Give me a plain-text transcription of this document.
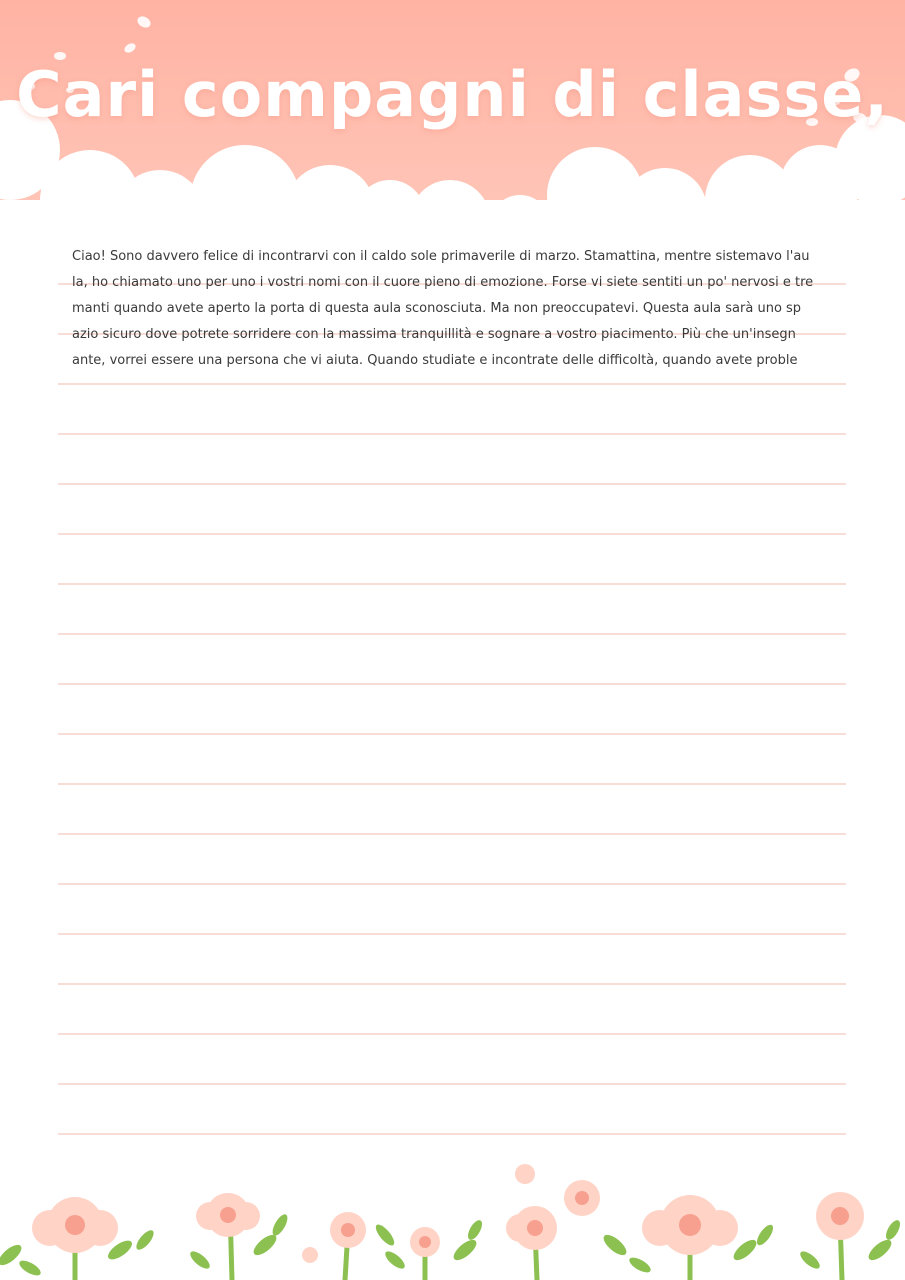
Cari compagni di classe,
Ciao! Sono davvero felice di incontrarvi con il caldo sole primaverile di marzo. Stamattina, mentre sistemavo l'au
la, ho chiamato uno per uno i vostri nomi con il cuore pieno di emozione. Forse vi siete sentiti un po' nervosi e tre
manti quando avete aperto la porta di questa aula sconosciuta. Ma non preoccupatevi. Questa aula sarà uno sp
azio sicuro dove potrete sorridere con la massima tranquillità e sognare a vostro piacimento. Più che un'insegn
ante, vorrei essere una persona che vi aiuta. Quando studiate e incontrate delle difficoltà, quando avete proble
